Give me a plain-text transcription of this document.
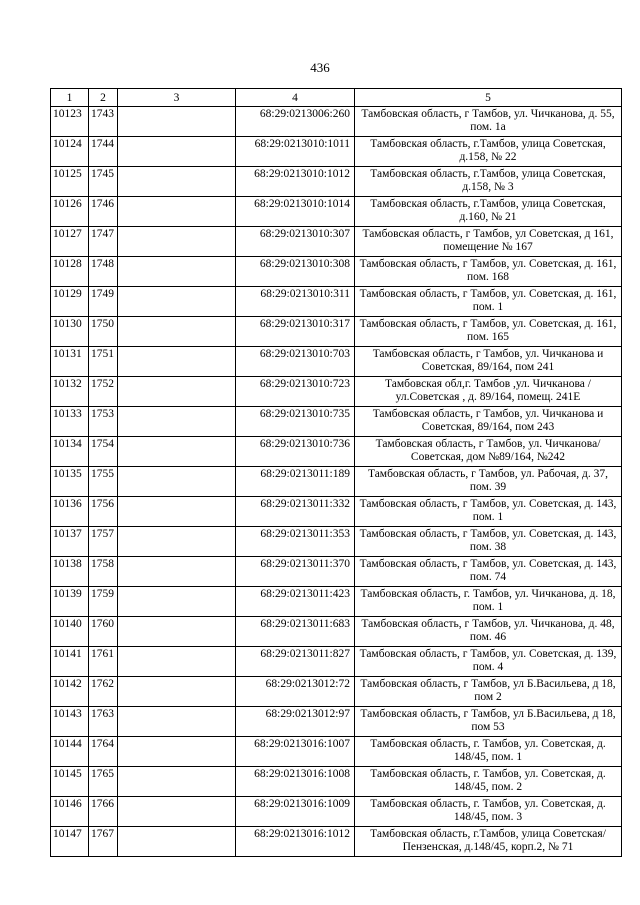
436
1	2	3	4	5
10123	1743		68:29:0213006:260	Тамбовская область, г Тамбов, ул. Чичканова, д. 55, пом. 1а
10124	1744		68:29:0213010:1011	Тамбовская область, г.Тамбов, улица Советская, д.158, № 22
10125	1745		68:29:0213010:1012	Тамбовская область, г.Тамбов, улица Советская, д.158, № 3
10126	1746		68:29:0213010:1014	Тамбовская область, г.Тамбов, улица Советская, д.160, № 21
10127	1747		68:29:0213010:307	Тамбовская область, г Тамбов, ул Советская, д 161, помещение № 167
10128	1748		68:29:0213010:308	Тамбовская область, г Тамбов, ул. Советская, д. 161, пом. 168
10129	1749		68:29:0213010:311	Тамбовская область, г Тамбов, ул. Советская, д. 161, пом. 1
10130	1750		68:29:0213010:317	Тамбовская область, г Тамбов, ул. Советская, д. 161, пом. 165
10131	1751		68:29:0213010:703	Тамбовская область, г Тамбов, ул. Чичканова и Советская, 89/164, пом 241
10132	1752		68:29:0213010:723	Тамбовская обл,г. Тамбов ,ул. Чичканова /ул.Советская , д. 89/164, помещ. 241Е
10133	1753		68:29:0213010:735	Тамбовская область, г Тамбов, ул. Чичканова и Советская, 89/164, пом 243
10134	1754		68:29:0213010:736	Тамбовская область, г Тамбов, ул. Чичканова/Советская, дом №89/164, №242
10135	1755		68:29:0213011:189	Тамбовская область, г Тамбов, ул. Рабочая, д. 37, пом. 39
10136	1756		68:29:0213011:332	Тамбовская область, г Тамбов, ул. Советская, д. 143, пом. 1
10137	1757		68:29:0213011:353	Тамбовская область, г Тамбов, ул. Советская, д. 143, пом. 38
10138	1758		68:29:0213011:370	Тамбовская область, г Тамбов, ул. Советская, д. 143, пом. 74
10139	1759		68:29:0213011:423	Тамбовская область, г. Тамбов, ул. Чичканова, д. 18, пом. 1
10140	1760		68:29:0213011:683	Тамбовская область, г Тамбов, ул. Чичканова, д. 48, пом. 46
10141	1761		68:29:0213011:827	Тамбовская область, г Тамбов, ул. Советская, д. 139, пом. 4
10142	1762		68:29:0213012:72	Тамбовская область, г Тамбов, ул Б.Васильева, д 18, пом 2
10143	1763		68:29:0213012:97	Тамбовская область, г Тамбов, ул Б.Васильева, д 18, пом 53
10144	1764		68:29:0213016:1007	Тамбовская область, г. Тамбов, ул. Советская, д. 148/45, пом. 1
10145	1765		68:29:0213016:1008	Тамбовская область, г. Тамбов, ул. Советская, д. 148/45, пом. 2
10146	1766		68:29:0213016:1009	Тамбовская область, г. Тамбов, ул. Советская, д. 148/45, пом. 3
10147	1767		68:29:0213016:1012	Тамбовская область, г.Тамбов, улица Советская/Пензенская, д.148/45, корп.2, № 71
